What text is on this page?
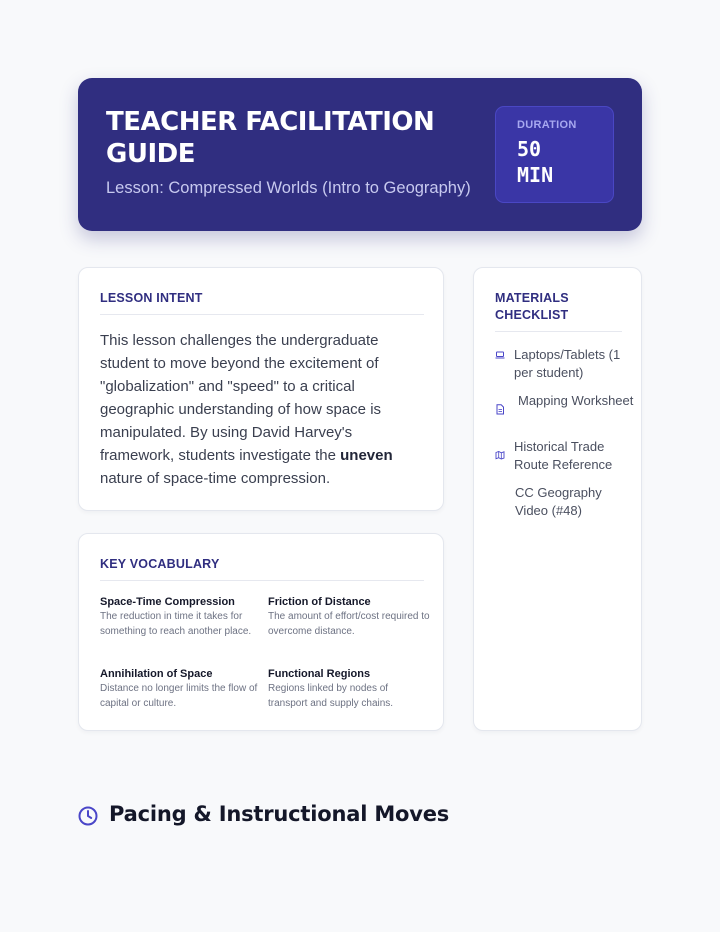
TEACHER FACILITATION GUIDE
Lesson: Compressed Worlds (Intro to Geography)
DURATION
50 MIN
LESSON INTENT
This lesson challenges the undergraduate student to move beyond the excitement of "globalization" and "speed" to a critical geographic understanding of how space is manipulated. By using David Harvey's framework, students investigate the uneven nature of space-time compression.
KEY VOCABULARY
Space-Time Compression
The reduction in time it takes for something to reach another place.
Friction of Distance
The amount of effort/cost required to overcome distance.
Annihilation of Space
Distance no longer limits the flow of capital or culture.
Functional Regions
Regions linked by nodes of transport and supply chains.
MATERIALS CHECKLIST
Laptops/Tablets (1 per student)
Mapping Worksheet
Historical Trade Route Reference
CC Geography Video (#48)
Pacing & Instructional Moves
